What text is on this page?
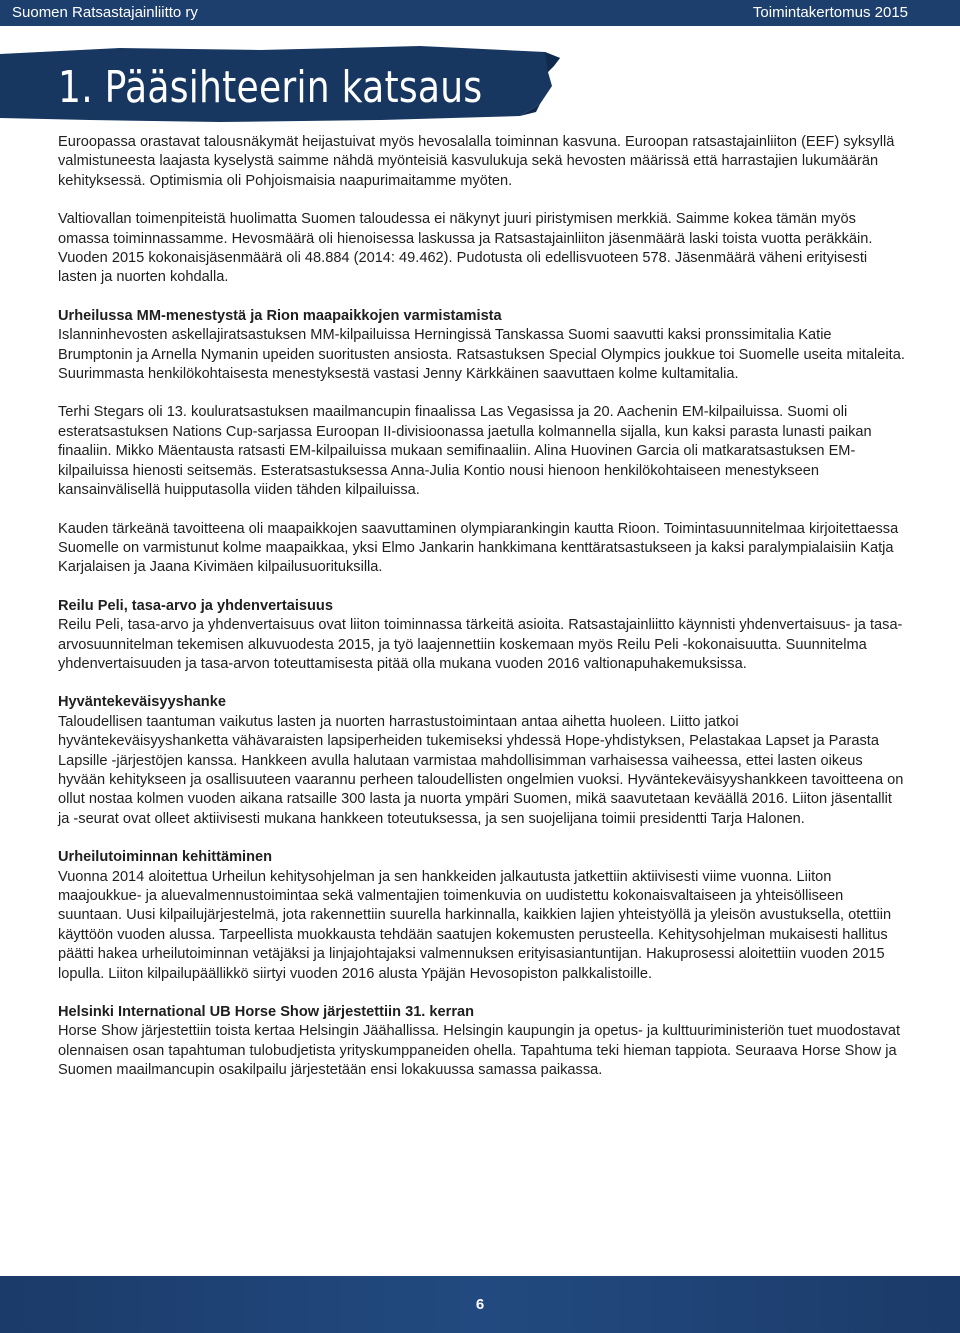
Suomen Ratsastajainliitto ry	Toimintakertomus 2015
1. Pääsihteerin katsaus

Euroopassa orastavat talousnäkymät heijastuivat myös hevosalalla toiminnan kasvuna. Euroopan ratsastajainliiton (EEF) syksyllä valmistuneesta laajasta kyselystä saimme nähdä myönteisiä kasvulukuja sekä hevosten määrissä että harrastajien lukumäärän kehityksessä. Optimismia oli Pohjoismaisia naapurimaitamme myöten.

Valtiovallan toimenpiteistä huolimatta Suomen taloudessa ei näkynyt juuri piristymisen merkkiä. Saimme kokea tämän myös omassa toiminnassamme. Hevosmäärä oli hienoisessa laskussa ja Ratsastajainliiton jäsenmäärä laski toista vuotta peräkkäin. Vuoden 2015 kokonaisjäsenmäärä oli 48.884 (2014: 49.462). Pudotusta oli edellisvuoteen 578. Jäsenmäärä väheni erityisesti lasten ja nuorten kohdalla.

Urheilussa MM-menestystä ja Rion maapaikkojen varmistamista

Islanninhevosten askellajiratsastuksen MM-kilpailuissa Herningissä Tanskassa Suomi saavutti kaksi pronssimitalia Katie Brumptonin ja Arnella Nymanin upeiden suoritusten ansiosta. Ratsastuksen Special Olympics joukkue toi Suomelle useita mitaleita. Suurimmasta henkilökohtaisesta menestyksestä vastasi Jenny Kärkkäinen saavuttaen kolme kultamitalia.

Terhi Stegars oli 13. kouluratsastuksen maailmancupin finaalissa Las Vegasissa ja 20. Aachenin EM-kilpailuissa. Suomi oli esteratsastuksen Nations Cup-sarjassa Euroopan II-divisioonassa jaetulla kolmannella sijalla, kun kaksi parasta lunasti paikan finaaliin. Mikko Mäentausta ratsasti EM-kilpailuissa mukaan semifinaaliin. Alina Huovinen Garcia oli matkaratsastuksen EM-kilpailuissa hienosti seitsemäs. Esteratsastuksessa Anna-Julia Kontio nousi hienoon henkilökohtaiseen menestykseen kansainvälisellä huipputasolla viiden tähden kilpailuissa.

Kauden tärkeänä tavoitteena oli maapaikkojen saavuttaminen olympiarankingin kautta Rioon. Toimintasuunnitelmaa kirjoitettaessa Suomelle on varmistunut kolme maapaikkaa, yksi Elmo Jankarin hankkimana kenttäratsastukseen ja kaksi paralympialaisiin Katja Karjalaisen ja Jaana Kivimäen kilpailusuorituksilla.

Reilu Peli, tasa-arvo ja yhdenvertaisuus

Reilu Peli, tasa-arvo ja yhdenvertaisuus ovat liiton toiminnassa tärkeitä asioita. Ratsastajainliitto käynnisti yhdenvertaisuus- ja tasa-arvosuunnitelman tekemisen alkuvuodesta 2015, ja työ laajennettiin koskemaan myös Reilu Peli -kokonaisuutta. Suunnitelma yhdenvertaisuuden ja tasa-arvon toteuttamisesta pitää olla mukana vuoden 2016 valtionapuhakemuksissa.

Hyväntekeväisyyshanke

Taloudellisen taantuman vaikutus lasten ja nuorten harrastustoimintaan antaa aihetta huoleen. Liitto jatkoi hyväntekeväisyyshanketta vähävaraisten lapsiperheiden tukemiseksi yhdessä Hope-yhdistyksen, Pelastakaa Lapset ja Parasta Lapsille -järjestöjen kanssa. Hankkeen avulla halutaan varmistaa mahdollisimman varhaisessa vaiheessa, ettei lasten oikeus hyvään kehitykseen ja osallisuuteen vaarannu perheen taloudellisten ongelmien vuoksi. Hyväntekeväisyyshankkeen tavoitteena on ollut nostaa kolmen vuoden aikana ratsaille 300 lasta ja nuorta ympäri Suomen, mikä saavutetaan keväällä 2016. Liiton jäsentallit ja -seurat ovat olleet aktiivisesti mukana hankkeen toteutuksessa, ja sen suojelijana toimii presidentti Tarja Halonen.

Urheilutoiminnan kehittäminen

Vuonna 2014 aloitettua Urheilun kehitysohjelman ja sen hankkeiden jalkautusta jatkettiin aktiivisesti viime vuonna. Liiton maajoukkue- ja aluevalmennustoimintaa sekä valmentajien toimenkuvia on uudistettu kokonaisvaltaiseen ja yhteisölliseen suuntaan. Uusi kilpailujärjestelmä, jota rakennettiin suurella harkinnalla, kaikkien lajien yhteistyöllä ja yleisön avustuksella, otettiin käyttöön vuoden alussa. Tarpeellista muokkausta tehdään saatujen kokemusten perusteella. Kehitysohjelman mukaisesti hallitus päätti hakea urheilutoiminnan vetäjäksi ja linjajohtajaksi valmennuksen erityisasiantuntijan. Hakuprosessi aloitettiin vuoden 2015 lopulla. Liiton kilpailupäällikkö siirtyi vuoden 2016 alusta Ypäjän Hevosopiston palkkalistoille.

Helsinki International UB Horse Show järjestettiin 31. kerran

Horse Show järjestettiin toista kertaa Helsingin Jäähallissa. Helsingin kaupungin ja opetus- ja kulttuuriministeriön tuet muodostavat olennaisen osan tapahtuman tulobudjetista yrityskumppaneiden ohella. Tapahtuma teki hieman tappiota. Seuraava Horse Show ja Suomen maailmancupin osakilpailu järjestetään ensi lokakuussa samassa paikassa.

6
